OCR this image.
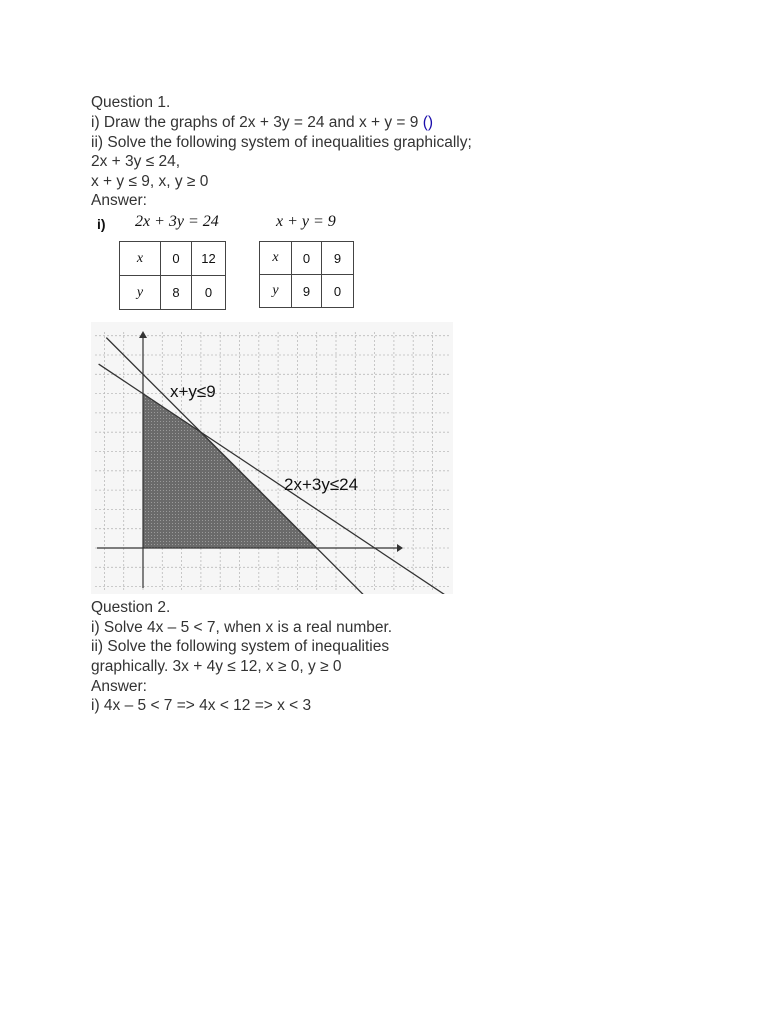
Question 1.
i) Draw the graphs of 2x + 3y = 24 and x + y = 9 ()
ii) Solve the following system of inequalities graphically;
2x + 3y ≤ 24,
x + y ≤ 9, x, y ≥ 0
Answer:
i) 2x + 3y = 24	x + y = 9
x	0	12
y	8	0
x	0	9
y	9	0
x+y≤9
2x+3y≤24
Question 2.
i) Solve 4x – 5 < 7, when x is a real number.
ii) Solve the following system of inequalities
graphically. 3x + 4y ≤ 12, x ≥ 0, y ≥ 0
Answer:
i) 4x – 5 < 7 => 4x < 12 => x < 3
